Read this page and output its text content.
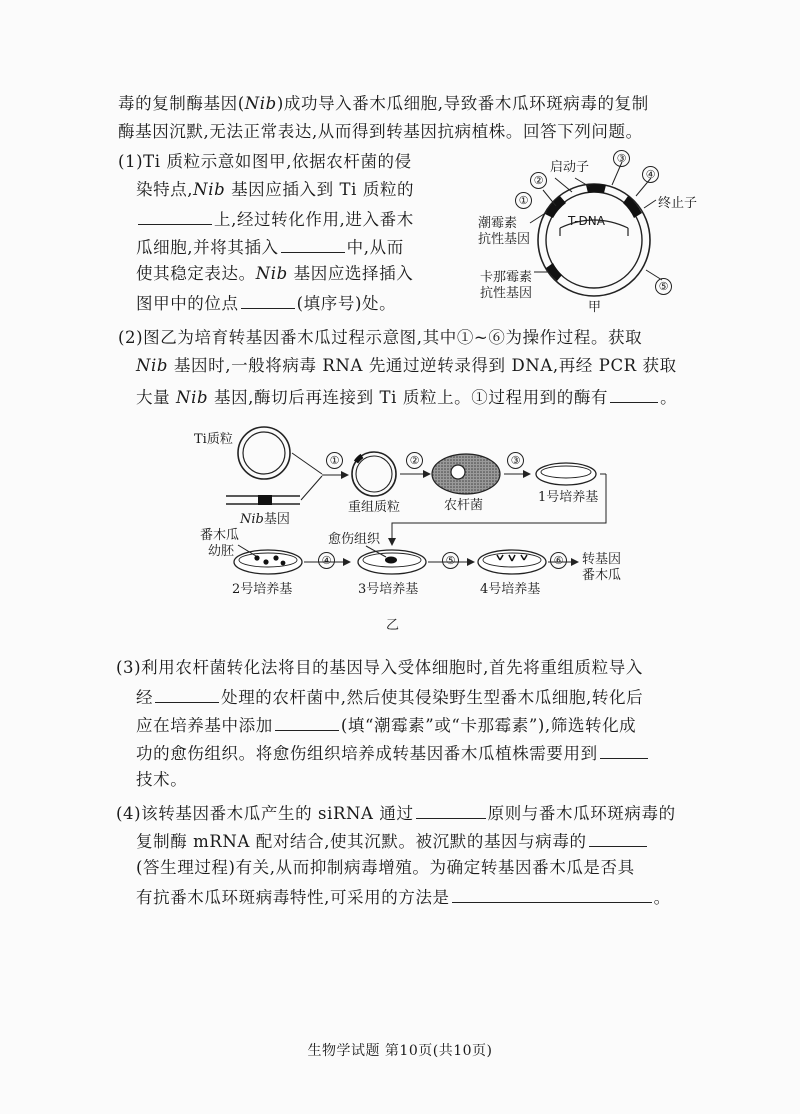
毒的复制酶基因(Nib)成功导入番木瓜细胞,导致番木瓜环斑病毒的复制
酶基因沉默,无法正常表达,从而得到转基因抗病植株。回答下列问题。
(1)Ti 质粒示意如图甲,依据农杆菌的侵
染特点,Nib 基因应插入到 Ti 质粒的
上,经过转化作用,进入番木
瓜细胞,并将其插入	中,从而
使其稳定表达。Nib 基因应选择插入
图甲中的位点	(填序号)处。
①
②
③
④
⑤
启动子
终止子
T-DNA
潮霉素
抗性基因
卡那霉素
抗性基因
甲
(2)图乙为培育转基因番木瓜过程示意图,其中①~⑥为操作过程。获取
Nib 基因时,一般将病毒 RNA 先通过逆转录得到 DNA,再经 PCR 获取
大量 Nib 基因,酶切后再连接到 Ti 质粒上。①过程用到的酶有	。
Ti质粒
Nib基因
①	②	③
重组质粒	农杆菌
1号培养基
番木瓜
幼胚
愈伤组织
④	⑤	⑥
2号培养基	3号培养基	4号培养基
转基因
番木瓜
乙
(3)利用农杆菌转化法将目的基因导入受体细胞时,首先将重组质粒导入
经	处理的农杆菌中,然后使其侵染野生型番木瓜细胞,转化后
应在培养基中添加	(填“潮霉素”或“卡那霉素”),筛选转化成
功的愈伤组织。将愈伤组织培养成转基因番木瓜植株需要用到
技术。
(4)该转基因番木瓜产生的 siRNA 通过	原则与番木瓜环斑病毒的
复制酶 mRNA 配对结合,使其沉默。被沉默的基因与病毒的
(答生理过程)有关,从而抑制病毒增殖。为确定转基因番木瓜是否具
有抗番木瓜环斑病毒特性,可采用的方法是	。
生物学试题 第10页(共10页)
